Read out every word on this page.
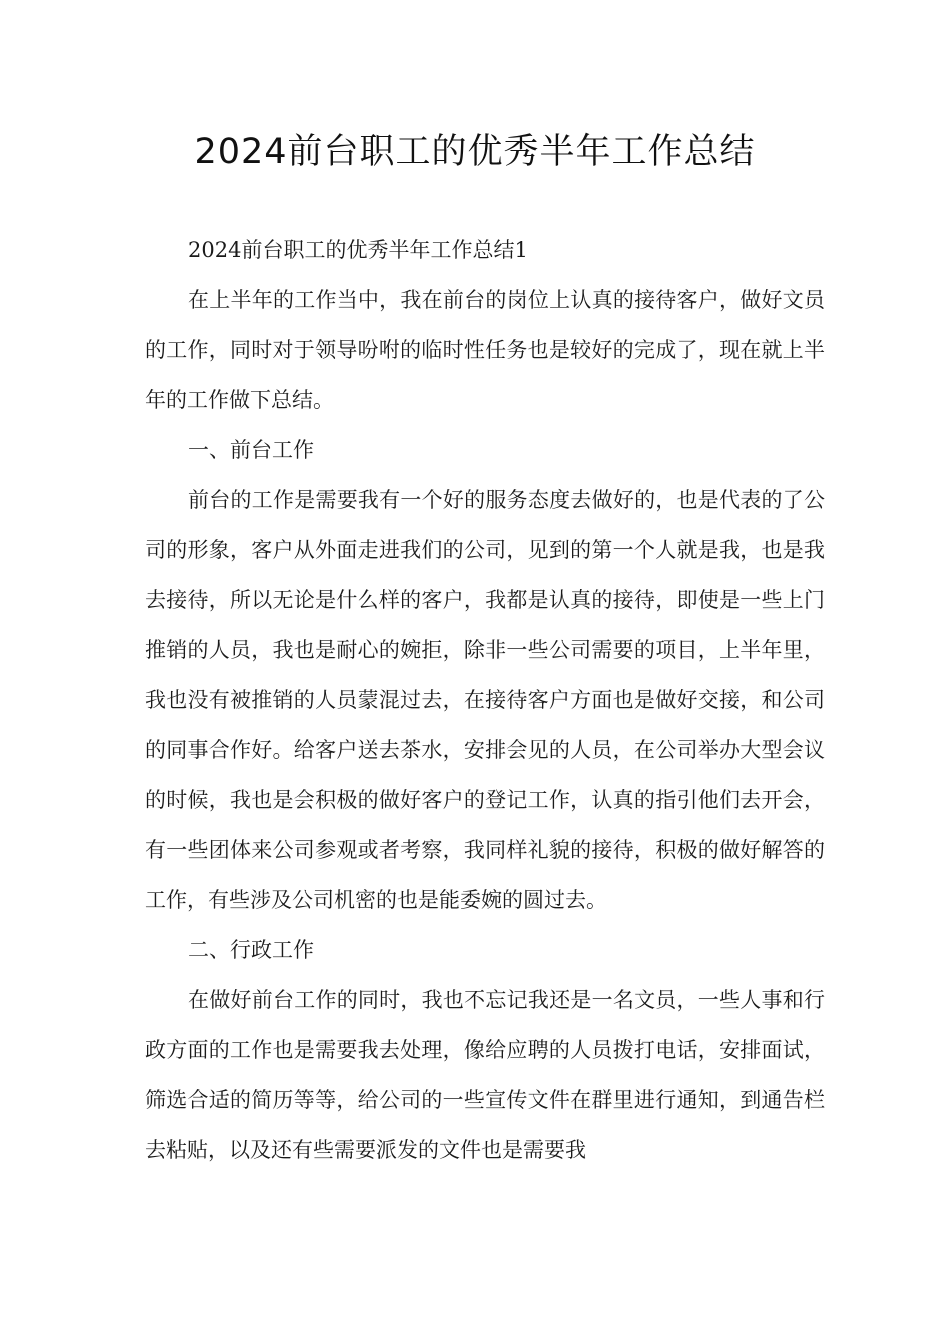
2024前台职工的优秀半年工作总结

2024前台职工的优秀半年工作总结1

在上半年的工作当中，我在前台的岗位上认真的接待客户，做好文员的工作，同时对于领导吩咐的临时性任务也是较好的完成了，现在就上半年的工作做下总结。

一、前台工作

前台的工作是需要我有一个好的服务态度去做好的，也是代表的了公司的形象，客户从外面走进我们的公司，见到的第一个人就是我，也是我去接待，所以无论是什么样的客户，我都是认真的接待，即使是一些上门推销的人员，我也是耐心的婉拒，除非一些公司需要的项目，上半年里，我也没有被推销的人员蒙混过去，在接待客户方面也是做好交接，和公司的同事合作好。给客户送去茶水，安排会见的人员，在公司举办大型会议的时候，我也是会积极的做好客户的登记工作，认真的指引他们去开会，有一些团体来公司参观或者考察，我同样礼貌的接待，积极的做好解答的工作，有些涉及公司机密的也是能委婉的圆过去。

二、行政工作

在做好前台工作的同时，我也不忘记我还是一名文员，一些人事和行政方面的工作也是需要我去处理，像给应聘的人员拨打电话，安排面试，筛选合适的简历等等，给公司的一些宣传文件在群里进行通知，到通告栏去粘贴，以及还有些需要派发的文件也是需要我
